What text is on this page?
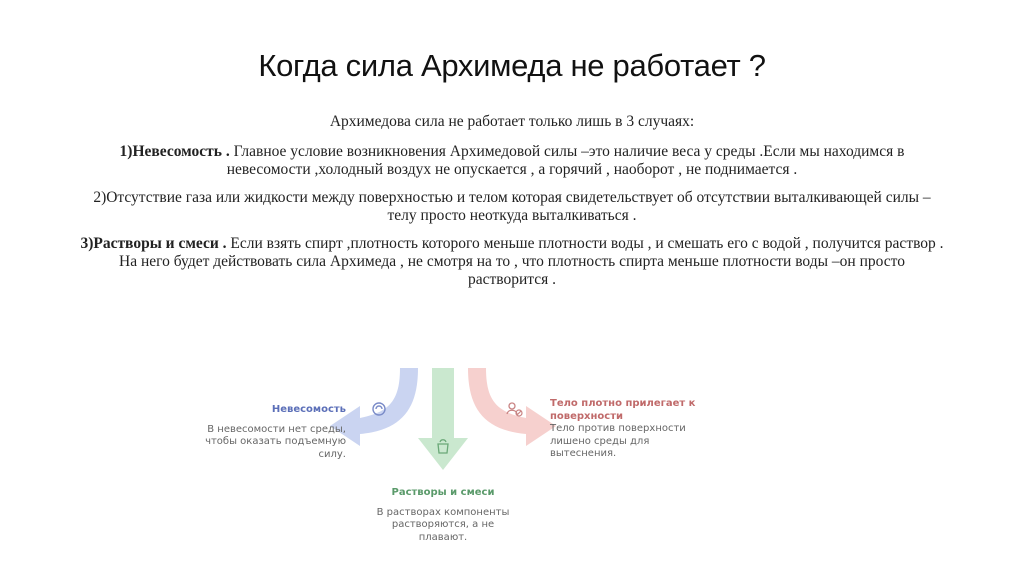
Когда сила Архимеда не работает ?

Архимедова сила не работает только лишь в 3 случаях:

1)Невесомость . Главное условие возникновения Архимедовой силы –это наличие веса у среды .Если мы находимся в невесомости ,холодный воздух не опускается , а горячий , наоборот , не поднимается .

2)Отсутствие газа или жидкости между поверхностью и телом которая свидетельствует об отсутствии выталкивающей силы –телу просто неоткуда выталкиваться .

3)Растворы и смеси . Если взять спирт ,плотность которого меньше плотности воды , и смешать его с водой , получится раствор . На него будет действовать сила Архимеда , не смотря на то , что плотность спирта меньше плотности воды –он просто растворится .

Невесомость
В невесомости нет среды,
чтобы оказать подъемную
силу.
Тело плотно прилегает к
поверхности
Тело против поверхности
лишено среды для
вытеснения.
Растворы и смеси
В растворах компоненты
растворяются, а не
плавают.
